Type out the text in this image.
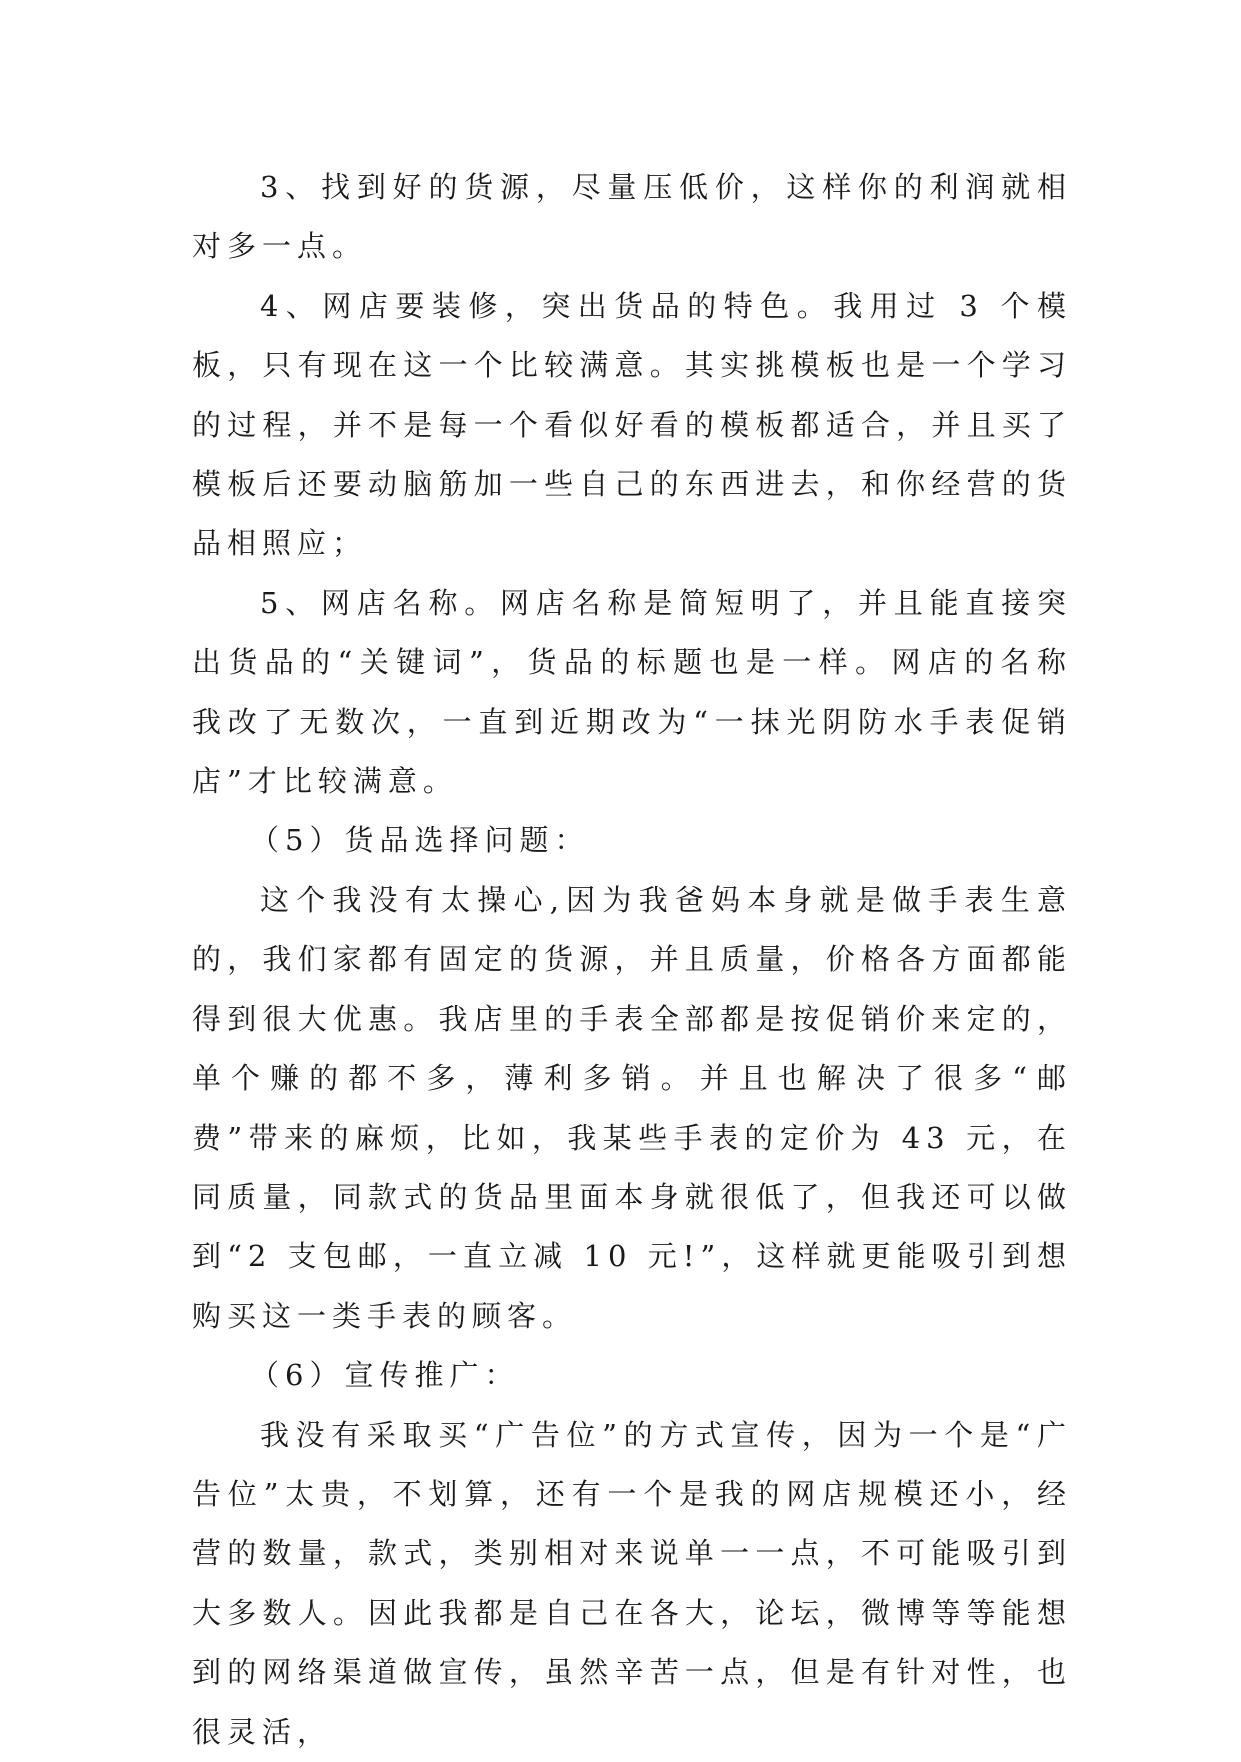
3、找到好的货源，尽量压低价，这样你的利润就相对多一点。

4、网店要装修，突出货品的特色。我用过 3 个模板，只有现在这一个比较满意。其实挑模板也是一个学习的过程，并不是每一个看似好看的模板都适合，并且买了模板后还要动脑筋加一些自己的东西进去，和你经营的货品相照应；

5、网店名称。网店名称是简短明了，并且能直接突出货品的“关键词”，货品的标题也是一样。网店的名称我改了无数次，一直到近期改为“一抹光阴防水手表促销店”才比较满意。

（5）货品选择问题：

这个我没有太操心,因为我爸妈本身就是做手表生意的，我们家都有固定的货源，并且质量，价格各方面都能得到很大优惠。我店里的手表全部都是按促销价来定的，单个赚的都不多，薄利多销。并且也解决了很多“邮费”带来的麻烦，比如，我某些手表的定价为 43 元，在同质量，同款式的货品里面本身就很低了，但我还可以做到“2 支包邮，一直立减 10 元!”，这样就更能吸引到想购买这一类手表的顾客。

（6）宣传推广：

我没有采取买“广告位”的方式宣传，因为一个是“广告位”太贵，不划算，还有一个是我的网店规模还小，经营的数量，款式，类别相对来说单一一点，不可能吸引到大多数人。因此我都是自己在各大，论坛，微博等等能想到的网络渠道做宣传，虽然辛苦一点，但是有针对性，也很灵活，
